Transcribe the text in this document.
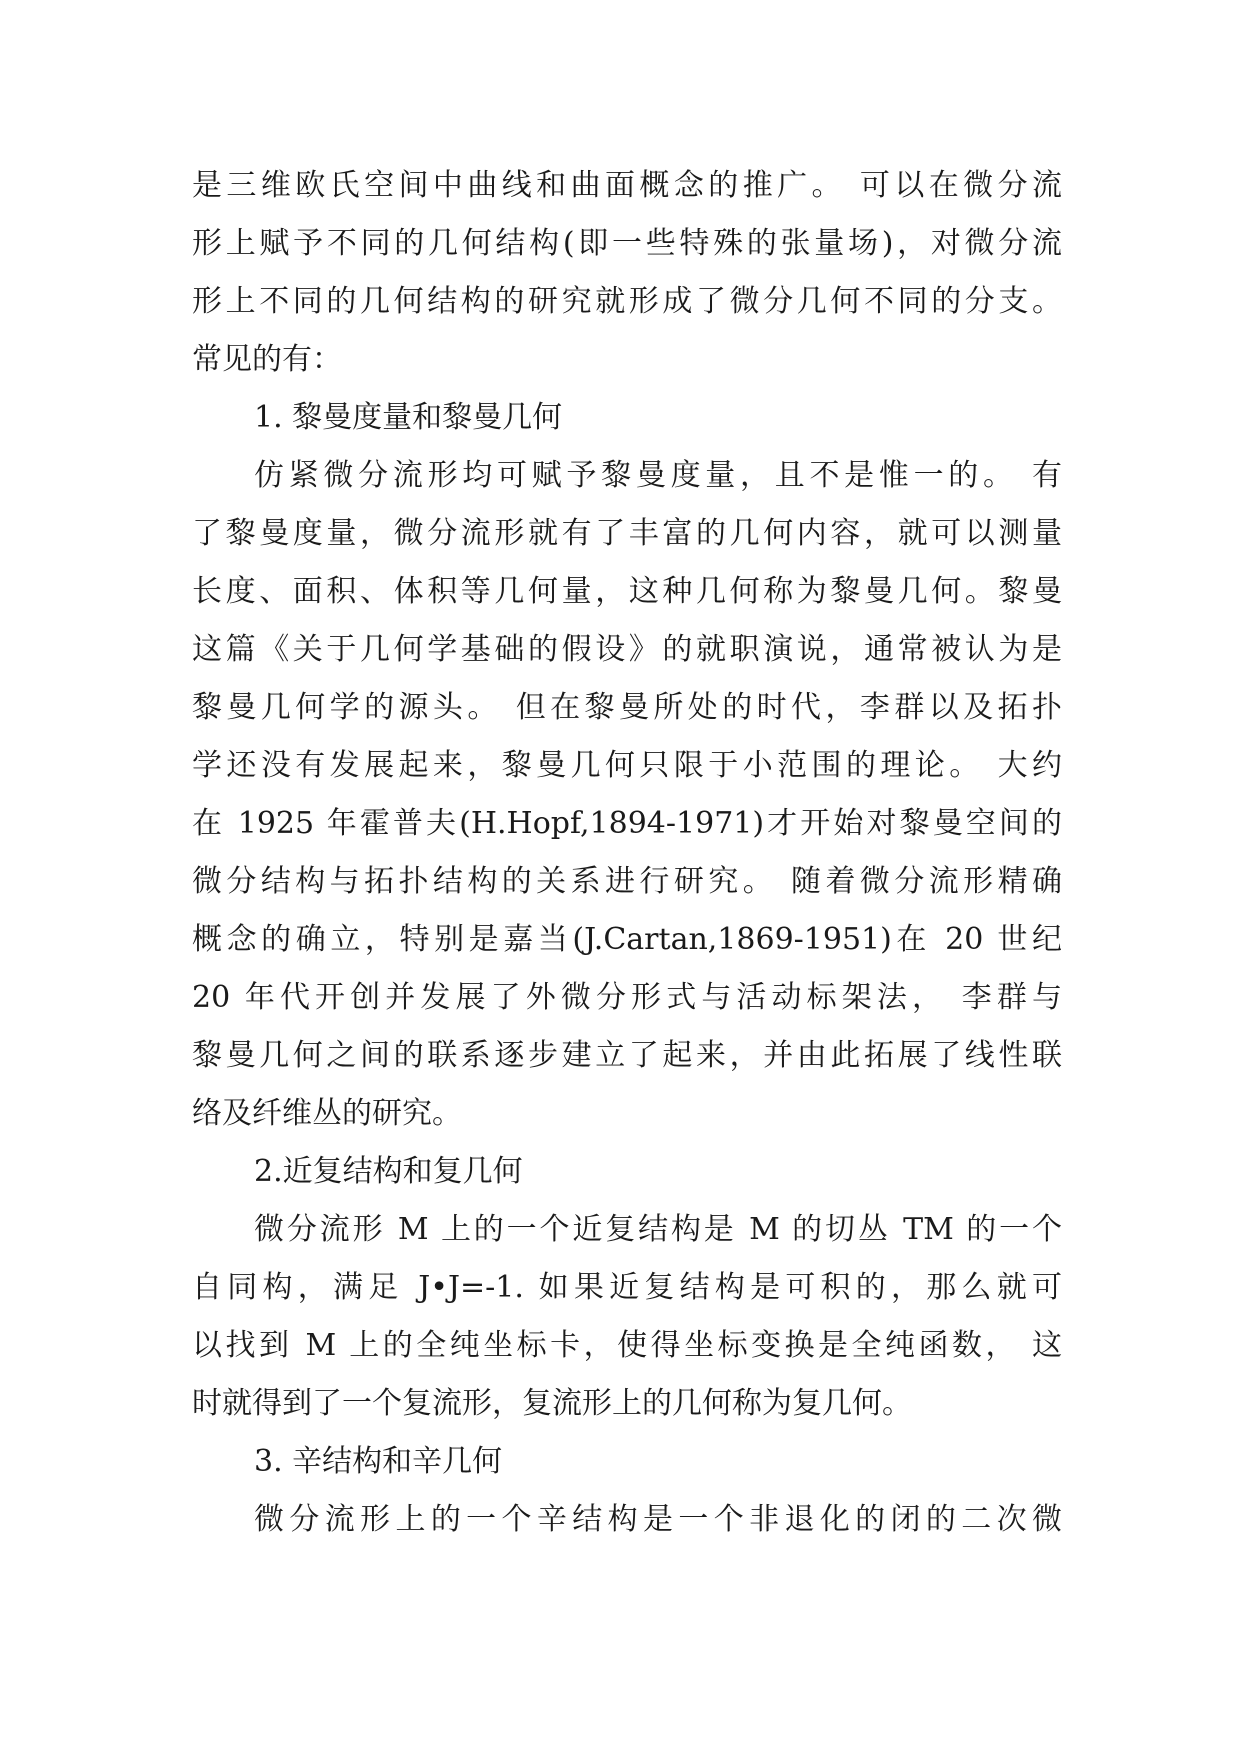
是三维欧氏空间中曲线和曲面概念的推广。 可以在微分流
形上赋予不同的几何结构(即一些特殊的张量场)，对微分流
形上不同的几何结构的研究就形成了微分几何不同的分支。
常见的有：
1. 黎曼度量和黎曼几何
仿紧微分流形均可赋予黎曼度量，且不是惟一的。 有
了黎曼度量，微分流形就有了丰富的几何内容，就可以测量
长度、面积、体积等几何量，这种几何称为黎曼几何。黎曼
这篇《关于几何学基础的假设》的就职演说，通常被认为是
黎曼几何学的源头。 但在黎曼所处的时代，李群以及拓扑
学还没有发展起来，黎曼几何只限于小范围的理论。 大约
在 1925 年霍普夫(H.Hopf,1894-1971)才开始对黎曼空间的
微分结构与拓扑结构的关系进行研究。 随着微分流形精确
概念的确立，特别是嘉当(J.Cartan,1869-1951)在 20 世纪
20 年代开创并发展了外微分形式与活动标架法， 李群与
黎曼几何之间的联系逐步建立了起来，并由此拓展了线性联
络及纤维丛的研究。
2.近复结构和复几何
微分流形 M 上的一个近复结构是 M 的切丛 TM 的一个
自同构，满足 J•J=-1. 如果近复结构是可积的，那么就可
以找到 M 上的全纯坐标卡，使得坐标变换是全纯函数， 这
时就得到了一个复流形，复流形上的几何称为复几何。
3. 辛结构和辛几何
微分流形上的一个辛结构是一个非退化的闭的二次微
